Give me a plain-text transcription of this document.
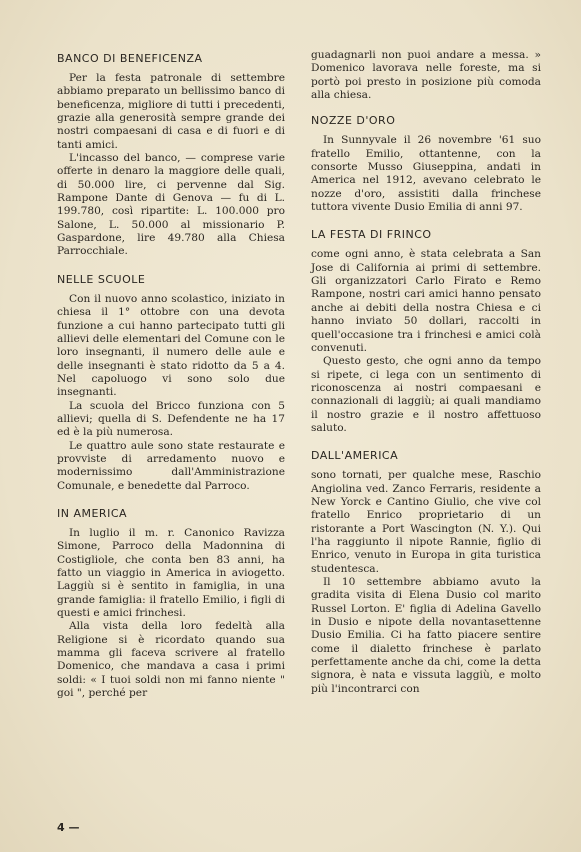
BANCO DI BENEFICENZA

Per la festa patronale di settembre abbiamo preparato un bellissimo banco di beneficenza, migliore di tutti i precedenti, grazie alla generosità sempre grande dei nostri compaesani di casa e di fuori e di tanti amici.

L'incasso del banco, — comprese varie offerte in denaro la maggiore delle quali, di 50.000 lire, ci pervenne dal Sig. Rampone Dante di Genova — fu di L. 199.780, così ripartite: L. 100.000 pro Salone, L. 50.000 al missionario P. Gaspardone, lire 49.780 alla Chiesa Parrocchiale.

NELLE SCUOLE

Con il nuovo anno scolastico, iniziato in chiesa il 1° ottobre con una devota funzione a cui hanno partecipato tutti gli allievi delle elementari del Comune con le loro insegnanti, il numero delle aule e delle insegnanti è stato ridotto da 5 a 4. Nel capoluogo vi sono solo due insegnanti.

La scuola del Bricco funziona con 5 allievi; quella di S. Defendente ne ha 17 ed è la più numerosa.

Le quattro aule sono state restaurate e provviste di arredamento nuovo e modernissimo dall'Amministrazione Comunale, e benedette dal Parroco.

IN AMERICA

In luglio il m. r. Canonico Ravizza Simone, Parroco della Madonnina di Costigliole, che conta ben 83 anni, ha fatto un viaggio in America in aviogetto. Laggiù si è sentito in famiglia, in una grande famiglia: il fratello Emilio, i figli di questi e amici frinchesi.

Alla vista della loro fedeltà alla Religione si è ricordato quando sua mamma gli faceva scrivere al fratello Domenico, che mandava a casa i primi soldi: « I tuoi soldi non mi fanno niente " goi ", perché per

guadagnarli non puoi andare a messa. » Domenico lavorava nelle foreste, ma si portò poi presto in posizione più comoda alla chiesa.

NOZZE D'ORO

In Sunnyvale il 26 novembre '61 suo fratello Emilio, ottantenne, con la consorte Musso Giuseppina, andati in America nel 1912, avevano celebrato le nozze d'oro, assistiti dalla frinchese tuttora vivente Dusio Emilia di anni 97.

LA FESTA DI FRINCO

come ogni anno, è stata celebrata a San Jose di California ai primi di settembre. Gli organizzatori Carlo Firato e Remo Rampone, nostri cari amici hanno pensato anche ai debiti della nostra Chiesa e ci hanno inviato 50 dollari, raccolti in quell'occasione tra i frinchesi e amici colà convenuti.

Questo gesto, che ogni anno da tempo si ripete, ci lega con un sentimento di riconoscenza ai nostri compaesani e connazionali di laggiù; ai quali mandiamo il nostro grazie e il nostro affettuoso saluto.

DALL'AMERICA

sono tornati, per qualche mese, Raschio Angiolina ved. Zanco Ferraris, residente a New Yorck e Cantino Giulio, che vive col fratello Enrico proprietario di un ristorante a Port Wascington (N. Y.). Qui l'ha raggiunto il nipote Rannie, figlio di Enrico, venuto in Europa in gita turistica studentesca.

Il 10 settembre abbiamo avuto la gradita visita di Elena Dusio col marito Russel Lorton. E' figlia di Adelina Gavello in Dusio e nipote della novantasettenne Dusio Emilia. Ci ha fatto piacere sentire come il dialetto frinchese è parlato perfettamente anche da chi, come la detta signora, è nata e vissuta laggiù, e molto più l'incontrarci con

4 —
